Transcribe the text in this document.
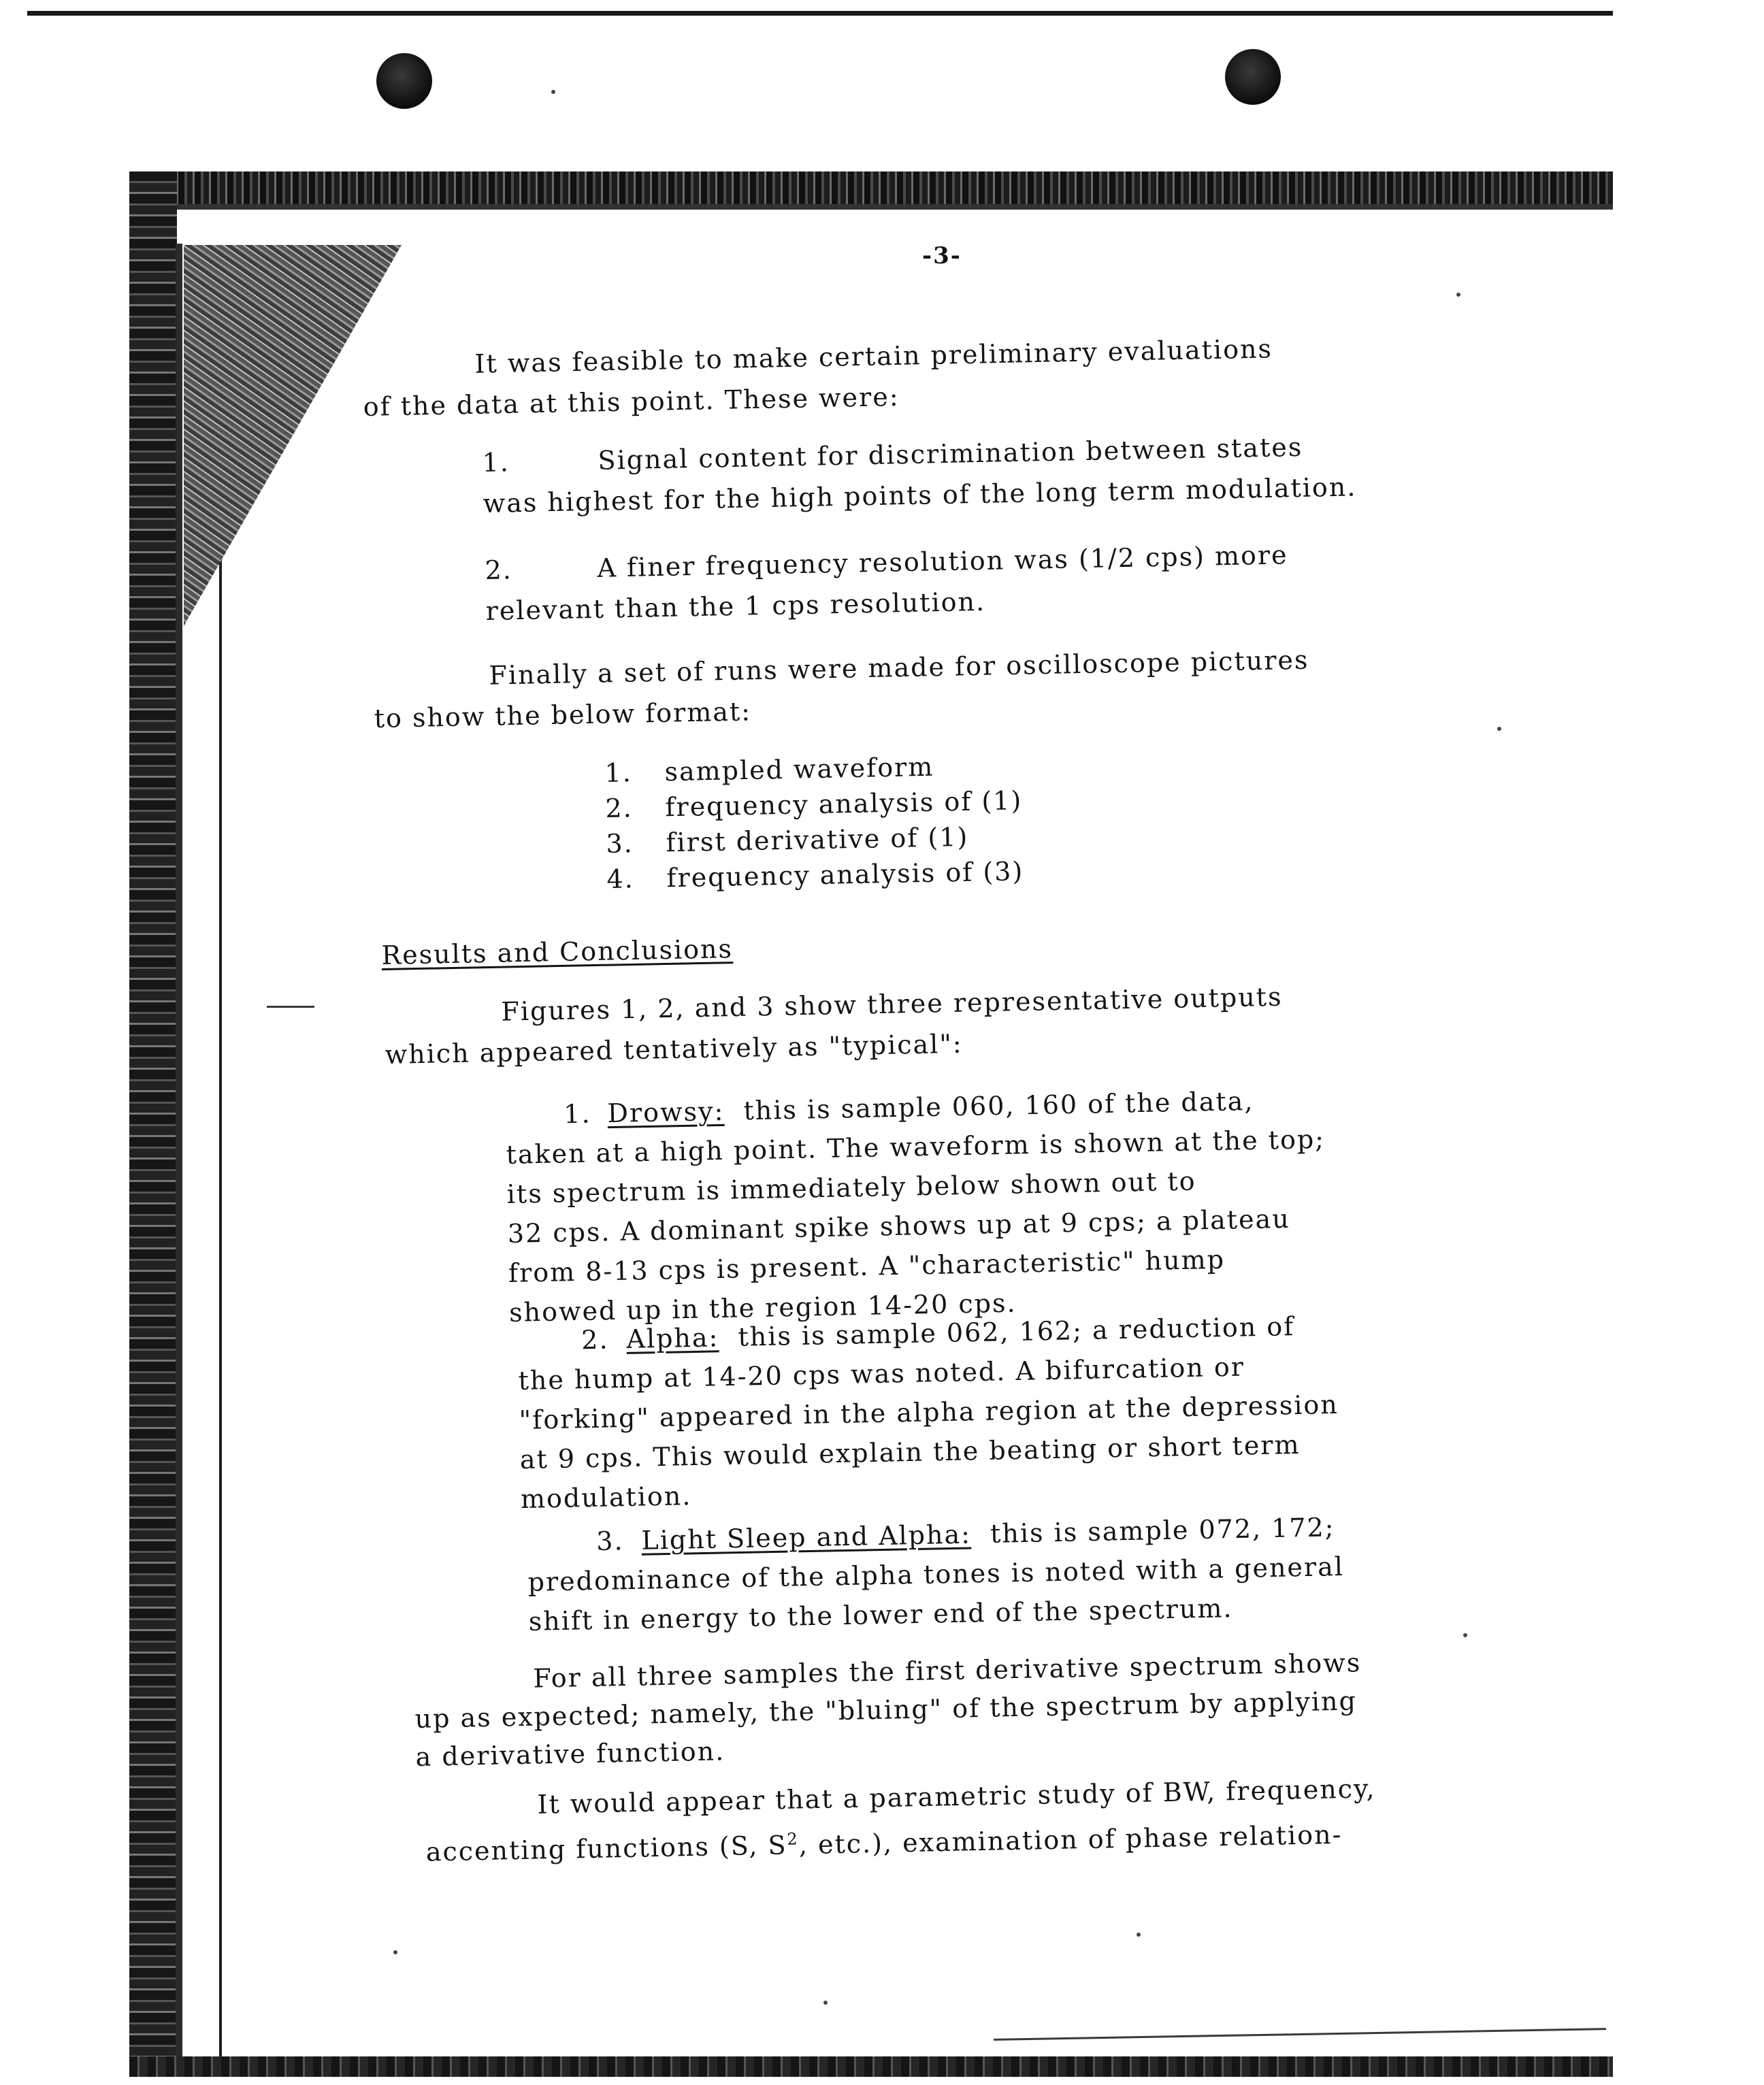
-3-
It was feasible to make certain preliminary evaluations
of the data at this point. These were:
1.	Signal content for discrimination between states
was highest for the high points of the long term modulation.
2.	A finer frequency resolution was (1/2 cps) more
relevant than the 1 cps resolution.
Finally a set of runs were made for oscilloscope pictures
to show the below format:
1. sampled waveform
2. frequency analysis of (1)
3. first derivative of (1)
4. frequency analysis of (3)
Results and Conclusions
Figures 1, 2, and 3 show three representative outputs
which appeared tentatively as "typical":
1. Drowsy: this is sample 060, 160 of the data,
taken at a high point. The waveform is shown at the top;
its spectrum is immediately below shown out to
32 cps. A dominant spike shows up at 9 cps; a plateau
from 8-13 cps is present. A "characteristic" hump
showed up in the region 14-20 cps.
2. Alpha: this is sample 062, 162; a reduction of
the hump at 14-20 cps was noted. A bifurcation or
"forking" appeared in the alpha region at the depression
at 9 cps. This would explain the beating or short term
modulation.
3. Light Sleep and Alpha: this is sample 072, 172;
predominance of the alpha tones is noted with a general
shift in energy to the lower end of the spectrum.
For all three samples the first derivative spectrum shows
up as expected; namely, the "bluing" of the spectrum by applying
a derivative function.
It would appear that a parametric study of BW, frequency,
accenting functions (S, $S^2$, etc.), examination of phase relation-
